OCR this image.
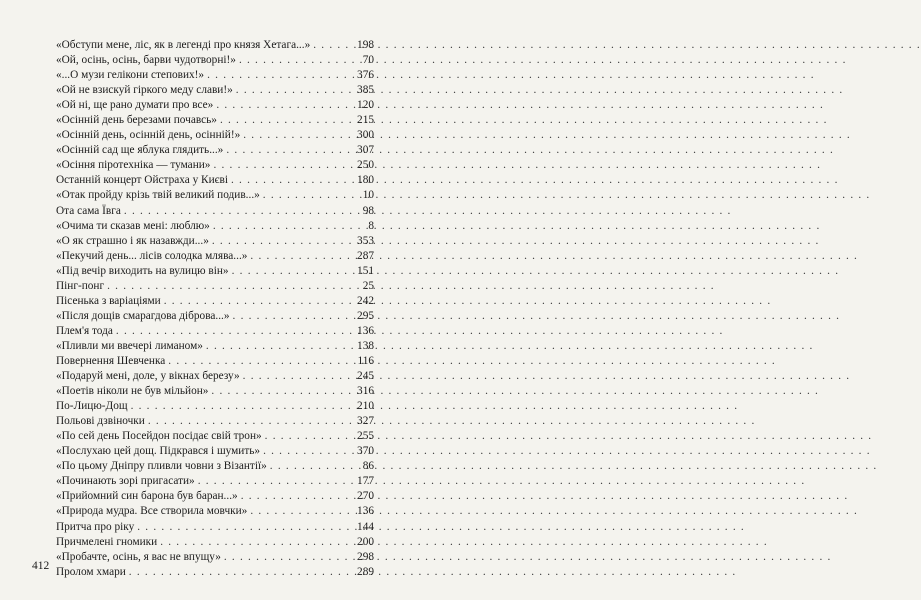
«Обступи мене, ліс, як в легенді про князя Хетага...» . . .	198
«Ой, осінь, осінь, барви чудотворні!» . . .	70
«...О музи гелікони степових!» . . .	376
«Ой не взискуй гіркого меду слави!» . . .	385
«Ой ні, ще рано думати про все» . . .	120
«Осінній день березами почавсь» . . .	215
«Осінній день, осінній день, осінній!» . . .	300
«Осінній сад ще яблука глядить...» . . .	307
«Осіння піротехніка — тумани» . . .	250
Останній концерт Ойстраха у Києві . . .	180
«Отак пройду крізь твій великий подив...» . . .	10
Ота сама Ївга . . .	98
«Очима ти сказав мені: люблю» . . .	8
«О як страшно і як назавжди...» . . .	353
«Пекучий день... лісів солодка млява...» . . .	287
«Під вечір виходить на вулицю він» . . .	151
Пінг-понг . . .	25
Пісенька з варіаціями . . .	242
«Після дощів смарагдова діброва...» . . .	295
Плем'я тода . . .	136
«Пливли ми ввечері лиманом» . . .	138
Повернення Шевченка . . .	116
«Подаруй мені, доле, у вікнах березу» . . .	245
«Поетів ніколи не був мільйон» . . .	316
По-Лицю-Дощ . . .	210
Польові дзвіночки . . .	327
«По сей день Посейдон посідає свій трон» . . .	255
«Послухаю цей дощ. Підкрався і шумить» . . .	370
«По цьому Дніпру пливли човни з Візантії» . . .	86
«Починають зорі пригасати» . . .	177
«Прийомний син барона був баран...» . . .	270
«Природа мудра. Все створила мовчки» . . .	136
Притча про ріку . . .	144
Причмелені гномики . . .	200
«Пробачте, осінь, я вас не впущу» . . .	298
Пролом хмари . . .	289
412
